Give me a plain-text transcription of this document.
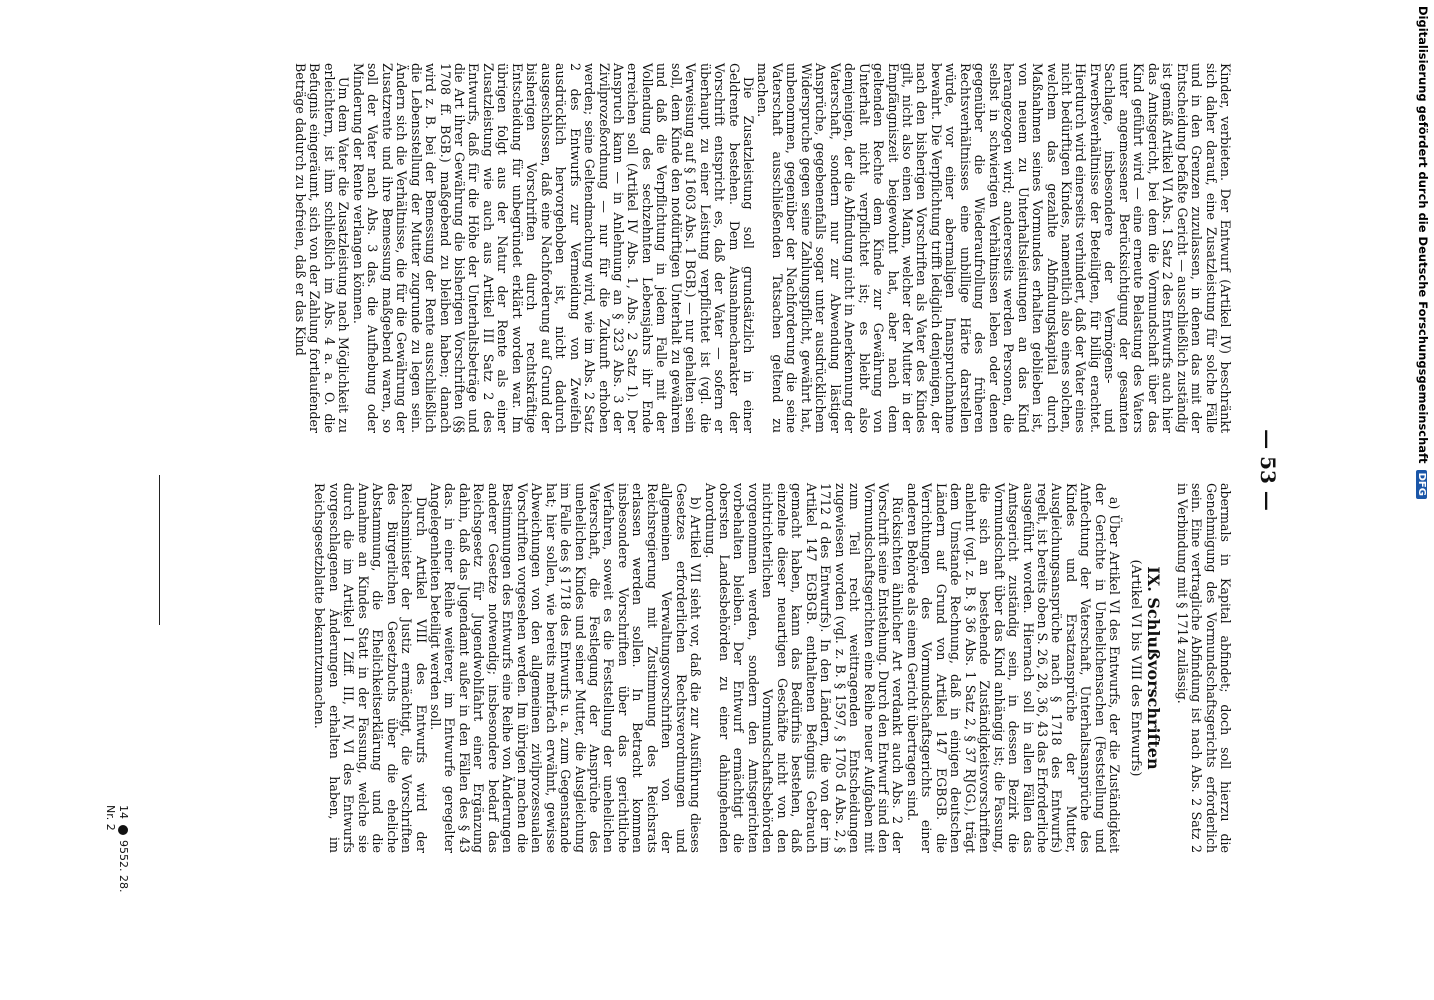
— 53 —

Kinder, verbieten. Der Entwurf (Artikel IV) beschränkt sich daher darauf, eine Zusatzleistung für solche Fälle und in den Grenzen zuzulassen, in denen das mit der Entscheidung befaßte Gericht — ausschließlich zuständig ist gemäß Artikel VI Abs. 1 Satz 2 des Entwurfs auch hier das Amtsgericht, bei dem die Vormundschaft über das Kind geführt wird — eine erneute Belastung des Vaters unter angemessener Berücksichtigung der gesamten Sachlage, insbesondere der Vermögens- und Erwerbsverhältnisse der Beteiligten, für billig erachtet. Hierdurch wird einerseits verhindert, daß der Vater eines nicht bedürftigen Kindes, namentlich also eines solchen, welchem das gezahlte Abfindungskapital durch Maßnahmen seines Vormundes erhalten geblieben ist, von neuem zu Unterhaltsleistungen an das Kind herangezogen wird; andererseits werden Personen, die selbst in schwierigen Verhältnissen leben oder denen gegenüber die Wiederaufrollung des früheren Rechtsverhältnisses eine unbillige Härte darstellen würde, vor einer abermaligen Inanspruchnahme bewahrt. Die Verpflichtung trifft lediglich denjenigen, der nach den bisherigen Vorschriften als Vater des Kindes gilt, nicht also einen Mann, welcher der Mutter in der Empfängniszeit beigewohnt hat, aber nach dem geltenden Rechte dem Kinde zur Gewährung von Unterhalt nicht verpflichtet ist; es bleibt also demjenigen, der die Abfindung nicht in Anerkennung der Vaterschaft, sondern nur zur Abwendung lästiger Ansprüche, gegebenenfalls sogar unter ausdrücklichem Widerspruche gegen seine Zahlungspflicht, gewährt hat, unbenommen, gegenüber der Nachforderung die seine Vaterschaft ausschließenden Tatsachen geltend zu machen.

Die Zusatzleistung soll grundsätzlich in einer Geldrente bestehen. Dem Ausnahmecharakter der Vorschrift entspricht es, daß der Vater — sofern er überhaupt zu einer Leistung verpflichtet ist (vgl. die Verweisung auf § 1603 Abs. 1 BGB.) — nur gehalten sein soll, dem Kinde den notdürftigen Unterhalt zu gewähren und daß die Verpflichtung in jedem Falle mit der Vollendung des sechzehnten Lebensjahrs ihr Ende erreichen soll (Artikel IV Abs. 1, Abs. 2 Satz 1). Der Anspruch kann — in Anlehnung an § 323 Abs. 3 der Zivilprozeßordnung — nur für die Zukunft erhoben werden; seine Geltendmachung wird, wie im Abs. 2 Satz 2 des Entwurfs zur Vermeidung von Zweifeln ausdrücklich hervorgehoben ist, nicht dadurch ausgeschlossen, daß eine Nachforderung auf Grund der bisherigen Vorschriften durch rechtskräftige Entscheidung für unbegründet erklärt worden war. Im übrigen folgt aus der Natur der Rente als einer Zusatzleistung wie auch aus Artikel III Satz 2 des Entwurfs, daß für die Höhe der Unterhaltsbeträge und die Art ihrer Gewährung die bisherigen Vorschriften (§§ 1708 ff. BGB.) maßgebend zu bleiben haben; danach wird z. B. bei der Bemessung der Rente ausschließlich die Lebensstellung der Mutter zugrunde zu legen sein. Ändern sich die Verhältnisse, die für die Gewährung der Zusatzrente und ihre Bemessung maßgebend waren, so soll der Vater nach Abs. 3 das. die Aufhebung oder Minderung der Rente verlangen können.

Um dem Vater die Zusatzleistung nach Möglichkeit zu erleichtern, ist ihm schließlich im Abs. 4 a. a. O. die Befugnis eingeräumt, sich von der Zahlung fortlaufender Beträge dadurch zu befreien, daß er das Kind

abermals in Kapital abfindet; doch soll hierzu die Genehmigung des Vormundschaftsgerichts erforderlich sein. Eine vertragliche Abfindung ist nach Abs. 2 Satz 2 in Verbindung mit § 1714 zulässig.

IX. Schlußvorschriften
(Artikel VI bis VIII des Entwurfs)

a) Über Artikel VI des Entwurfs, der die Zuständigkeit der Gerichte in Unehelichensachen (Feststellung und Anfechtung der Vaterschaft, Unterhaltsansprüche des Kindes und Ersatzansprüche der Mutter, Ausgleichungsansprüche nach § 1718 des Entwurfs) regelt, ist bereits oben S. 26, 28, 36, 43 das Erforderliche ausgeführt worden. Hiernach soll in allen Fällen das Amtsgericht zuständig sein, in dessen Bezirk die Vormundschaft über das Kind anhängig ist; die Fassung, die sich an bestehende Zuständigkeitsvorschriften anlehnt (vgl. z. B. § 36 Abs. 1 Satz 2, § 37 RJGG.), trägt dem Umstande Rechnung, daß in einigen deutschen Ländern auf Grund von Artikel 147 EGBGB. die Verrichtungen des Vormundschaftsgerichts einer anderen Behörde als einem Gericht übertragen sind.

Rücksichten ähnlicher Art verdankt auch Abs. 2 der Vorschrift seine Entstehung. Durch den Entwurf sind den Vormundschaftsgerichten eine Reihe neuer Aufgaben mit zum Teil recht weittragenden Entscheidungen zugewiesen worden (vgl. z. B. § 1597, § 1705 d Abs. 2, § 1712 d des Entwurfs). In den Ländern, die von der im Artikel 147 EGBGB. enthaltenen Befugnis Gebrauch gemacht haben, kann das Bedürfnis bestehen, daß einzelne dieser neuartigen Geschäfte nicht von den nichtrichterlichen Vormundschaftsbehörden vorgenommen werden, sondern den Amtsgerichten vorbehalten bleiben. Der Entwurf ermächtigt die obersten Landesbehörden zu einer dahingehenden Anordnung.

b) Artikel VII sieht vor, daß die zur Ausführung dieses Gesetzes erforderlichen Rechtsverordnungen und allgemeinen Verwaltungsvorschriften von der Reichsregierung mit Zustimmung des Reichsrats erlassen werden sollen. In Betracht kommen insbesondere Vorschriften über das gerichtliche Verfahren, soweit es die Feststellung der unehelichen Vaterschaft, die Festlegung der Ansprüche des unehelichen Kindes und seiner Mutter, die Ausgleichung im Falle des § 1718 des Entwurfs u. a. zum Gegenstande hat; hier sollen, wie bereits mehrfach erwähnt, gewisse Abweichungen von den allgemeinen zivilprozessualen Vorschriften vorgesehen werden. Im übrigen machen die Bestimmungen des Entwurfs eine Reihe von Änderungen anderer Gesetze notwendig; insbesondere bedarf das Reichsgesetz für Jugendwohlfahrt einer Ergänzung dahin, daß das Jugendamt außer in den Fällen des § 43 das. in einer Reihe weiterer, im Entwurfe geregelter Angelegenheiten beteiligt werden soll.

Durch Artikel VIII des Entwurfs wird der Reichsminister der Justiz ermächtigt, die Vorschriften des Bürgerlichen Gesetzbuchs über die eheliche Abstammung, die Ehelichkeitserklärung und die Annahme an Kindes Statt in der Fassung, welche sie durch die im Artikel I Ziff. III, IV, VI des Entwurfs vorgeschlagenen Änderungen erhalten haben, im Reichsgesetzblatte bekanntzumachen.

14  9552. 28. Nr. 2
Digitalisierung gefördert durch die Deutsche ForschungsgemeinschaftDFG
